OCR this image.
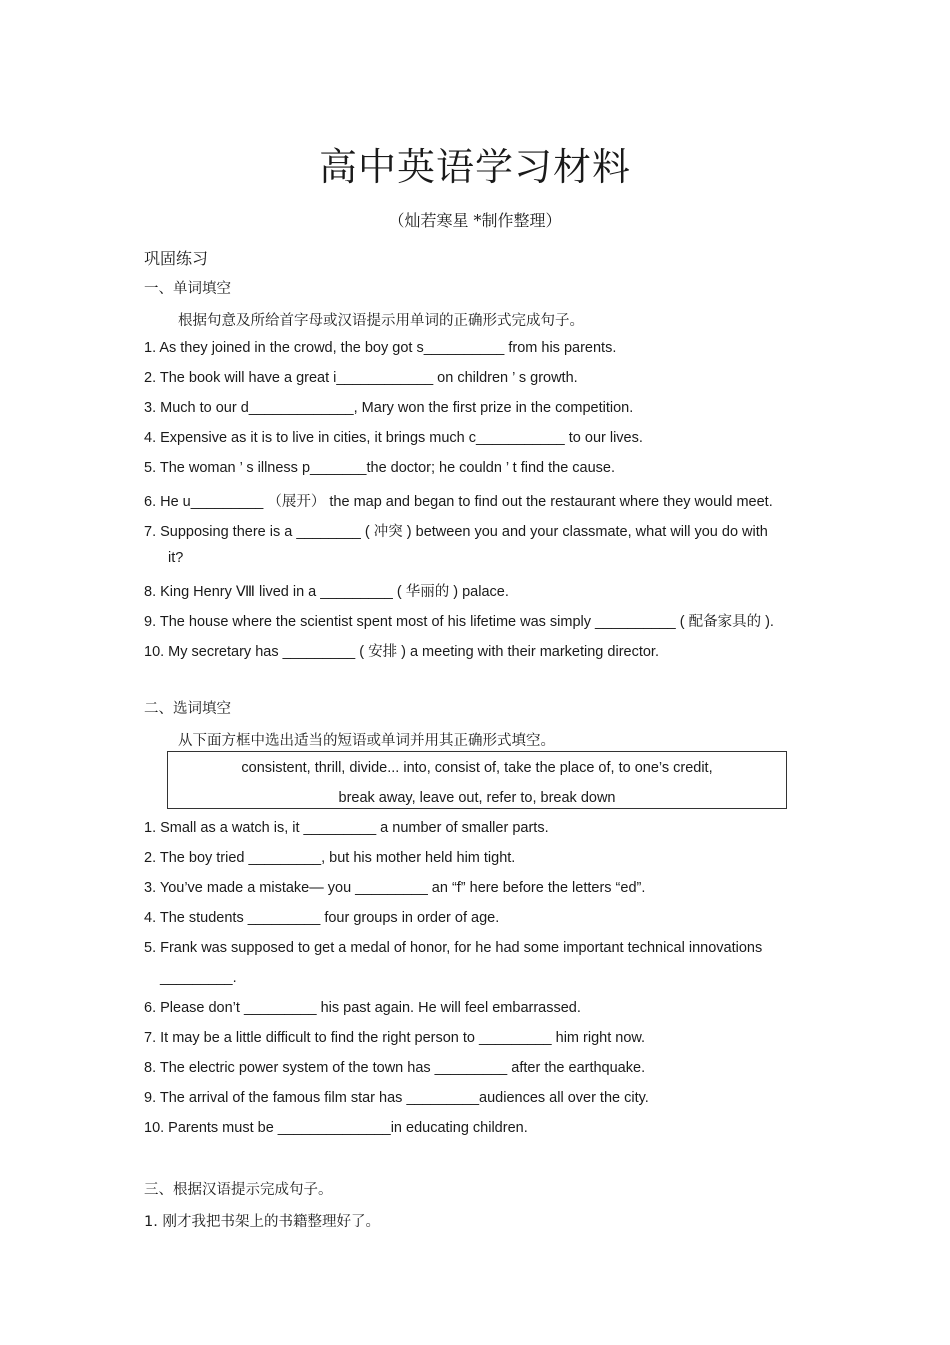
高中英语学习材料
（灿若寒星 *制作整理）
巩固练习
一、单词填空
根据句意及所给首字母或汉语提示用单词的正确形式完成句子。
1. As they joined in the crowd, the boy got s__________ from his parents.
2. The book will have a great i____________ on children ’ s growth.
3. Much to our d_____________, Mary won the first prize in the competition.
4. Expensive as it is to live in cities, it brings much c___________ to our lives.
5. The woman ’ s illness p_______the doctor; he couldn ’ t find the cause.
6. He u_________ （展开） the map and began to find out the restaurant where they would meet.
7. Supposing there is a ________ ( 冲突 ) between you and your classmate, what will you do with
it?
8. King Henry Ⅷ lived in a _________ ( 华丽的 ) palace.
9. The house where the scientist spent most of his lifetime was simply __________ ( 配备家具的 ).
10. My secretary has _________ ( 安排 ) a meeting with their marketing director.
二、选词填空
从下面方框中选出适当的短语或单词并用其正确形式填空。
consistent, thrill, divide... into, consist of, take the place of, to one’s credit,
break away, leave out, refer to, break down
1. Small as a watch is, it _________ a number of smaller parts.
2. The boy tried _________, but his mother held him tight.
3. You’ve made a mistake— you _________ an “f” here before the letters “ed”.
4. The students _________ four groups in order of age.
5. Frank was supposed to get a medal of honor, for he had some important technical innovations
_________.
6. Please don’t _________ his past again. He will feel embarrassed.
7. It may be a little difficult to find the right person to _________ him right now.
8. The electric power system of the town has _________ after the earthquake.
9. The arrival of the famous film star has _________audiences all over the city.
10. Parents must be ______________in educating children.
三、根据汉语提示完成句子。
1. 刚才我把书架上的书籍整理好了。
